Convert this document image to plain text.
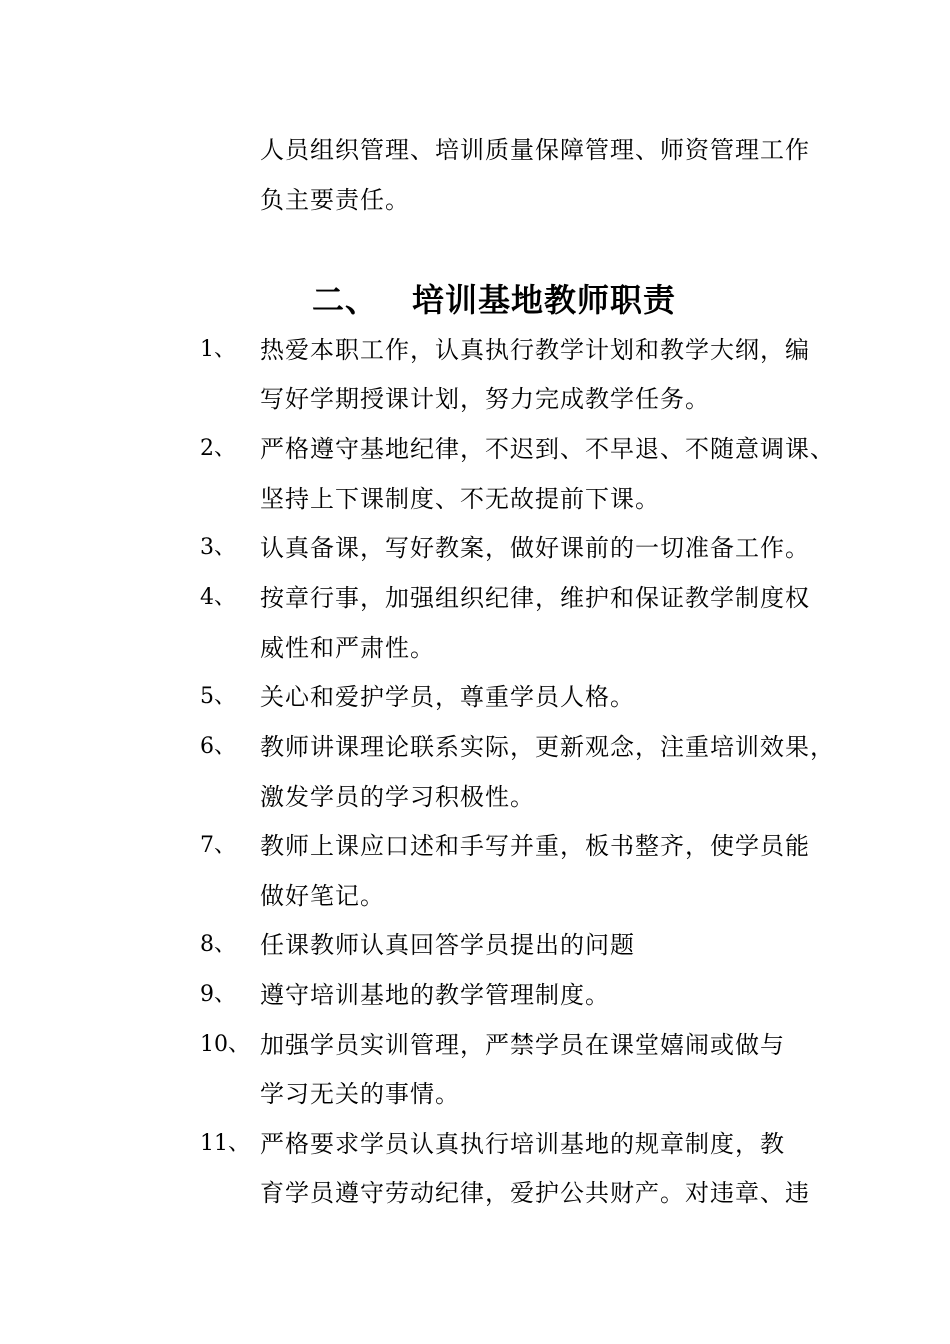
人员组织管理、培训质量保障管理、师资管理工作
负主要责任。
二、 培训基地教师职责
1、 热爱本职工作，认真执行教学计划和教学大纲，编
写好学期授课计划，努力完成教学任务。
2、 严格遵守基地纪律，不迟到、不早退、不随意调课、
坚持上下课制度、不无故提前下课。
3、 认真备课，写好教案，做好课前的一切准备工作。
4、 按章行事，加强组织纪律，维护和保证教学制度权
威性和严肃性。
5、 关心和爱护学员，尊重学员人格。
6、 教师讲课理论联系实际，更新观念，注重培训效果，
激发学员的学习积极性。
7、 教师上课应口述和手写并重，板书整齐，使学员能
做好笔记。
8、 任课教师认真回答学员提出的问题
9、 遵守培训基地的教学管理制度。
10、 加强学员实训管理，严禁学员在课堂嬉闹或做与
学习无关的事情。
11、 严格要求学员认真执行培训基地的规章制度，教
育学员遵守劳动纪律，爱护公共财产。对违章、违
